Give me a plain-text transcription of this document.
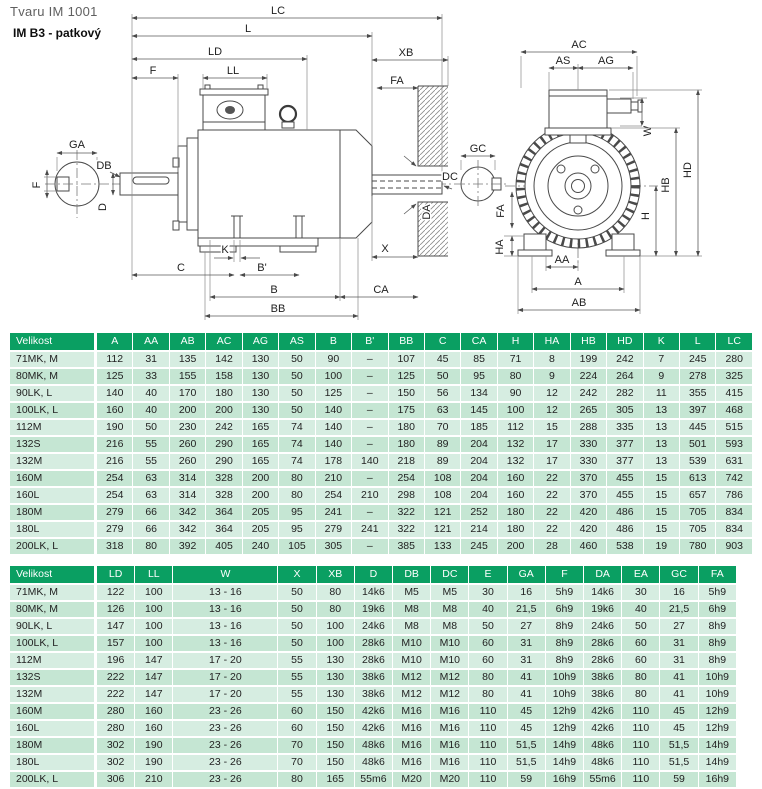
Tvaru IM 1001
IM B3 - patkový
GA
F
DB
D
LC
L
LD
F	LL
XB
FA
K
C	B'
B	CA
BB
X
DC
DA
GC
AC
AS	AG
W
H
HB
HD
FA
HA
AA
A
AB
Velikost	A	AA	AB	AC	AG	AS	B	B'	BB	C	CA	H	HA	HB	HD	K	L	LC
71MK, M	112	31	135	142	130	50	90	–	107	45	85	71	8	199	242	7	245	280
80MK, M	125	33	155	158	130	50	100	–	125	50	95	80	9	224	264	9	278	325
90LK, L	140	40	170	180	130	50	125	–	150	56	134	90	12	242	282	11	355	415
100LK, L	160	40	200	200	130	50	140	–	175	63	145	100	12	265	305	13	397	468
112M	190	50	230	242	165	74	140	–	180	70	185	112	15	288	335	13	445	515
132S	216	55	260	290	165	74	140	–	180	89	204	132	17	330	377	13	501	593
132M	216	55	260	290	165	74	178	140	218	89	204	132	17	330	377	13	539	631
160M	254	63	314	328	200	80	210	–	254	108	204	160	22	370	455	15	613	742
160L	254	63	314	328	200	80	254	210	298	108	204	160	22	370	455	15	657	786
180M	279	66	342	364	205	95	241	–	322	121	252	180	22	420	486	15	705	834
180L	279	66	342	364	205	95	279	241	322	121	214	180	22	420	486	15	705	834
200LK, L	318	80	392	405	240	105	305	–	385	133	245	200	28	460	538	19	780	903
Velikost	LD	LL	W	X	XB	D	DB	DC	E	GA	F	DA	EA	GC	FA
71MK, M	122	100	13 - 16	50	80	14k6	M5	M5	30	16	5h9	14k6	30	16	5h9
80MK, M	126	100	13 - 16	50	80	19k6	M8	M8	40	21,5	6h9	19k6	40	21,5	6h9
90LK, L	147	100	13 - 16	50	100	24k6	M8	M8	50	27	8h9	24k6	50	27	8h9
100LK, L	157	100	13 - 16	50	100	28k6	M10	M10	60	31	8h9	28k6	60	31	8h9
112M	196	147	17 - 20	55	130	28k6	M10	M10	60	31	8h9	28k6	60	31	8h9
132S	222	147	17 - 20	55	130	38k6	M12	M12	80	41	10h9	38k6	80	41	10h9
132M	222	147	17 - 20	55	130	38k6	M12	M12	80	41	10h9	38k6	80	41	10h9
160M	280	160	23 - 26	60	150	42k6	M16	M16	110	45	12h9	42k6	110	45	12h9
160L	280	160	23 - 26	60	150	42k6	M16	M16	110	45	12h9	42k6	110	45	12h9
180M	302	190	23 - 26	70	150	48k6	M16	M16	110	51,5	14h9	48k6	110	51,5	14h9
180L	302	190	23 - 26	70	150	48k6	M16	M16	110	51,5	14h9	48k6	110	51,5	14h9
200LK, L	306	210	23 - 26	80	165	55m6	M20	M20	110	59	16h9	55m6	110	59	16h9
